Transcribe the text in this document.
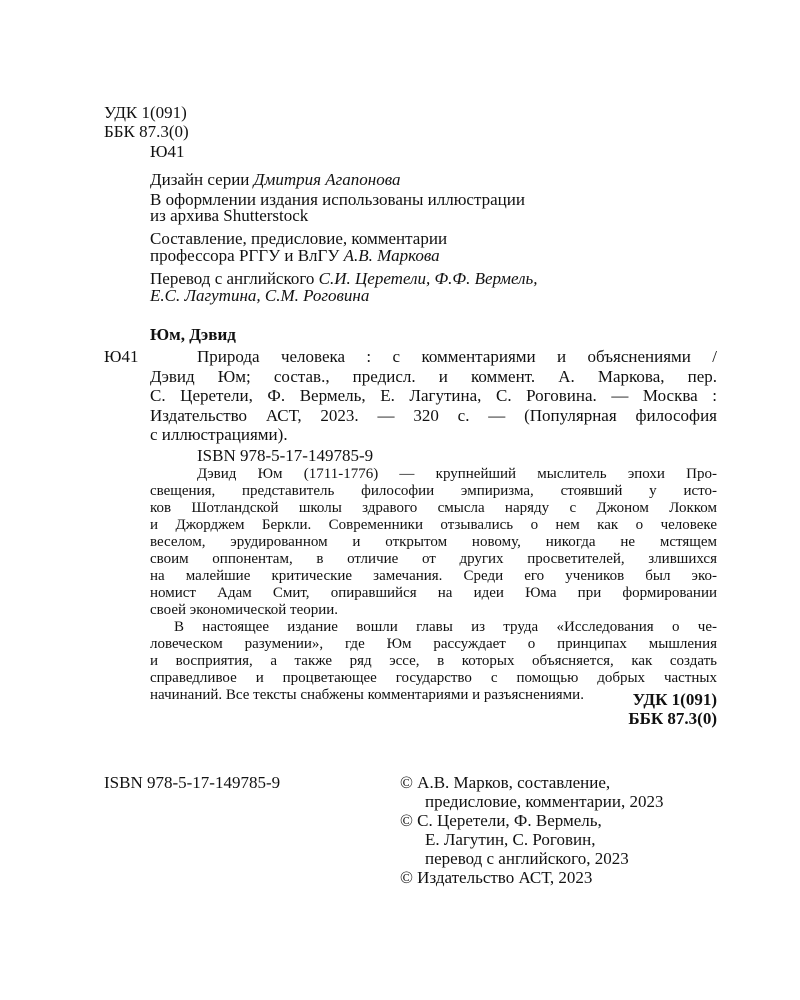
УДК 1(091)
ББК 87.3(0)
Ю41
Дизайн серии Дмитрия Агапонова
В оформлении издания использованы иллюстрации
из архива Shutterstock
Составление, предисловие, комментарии
профессора РГГУ и ВлГУ А.В. Маркова
Перевод с английского С.И. Церетели, Ф.Ф. Вермель,
Е.С. Лагутина, С.М. Роговина
Юм, Дэвид
Ю41	Природа человека : с комментариями и объяснениями /
Дэвид Юм; состав., предисл. и коммент. А. Маркова, пер.
С. Церетели, Ф. Вермель, Е. Лагутина, С. Роговина. — Москва :
Издательство АСТ, 2023. — 320 с. — (Популярная философия
с иллюстрациями).
ISBN 978-5-17-149785-9
Дэвид Юм (1711-1776) — крупнейший мыслитель эпохи Про-
свещения, представитель философии эмпиризма, стоявший у исто-
ков Шотландской школы здравого смысла наряду с Джоном Локком
и Джорджем Беркли. Современники отзывались о нем как о человеке
веселом, эрудированном и открытом новому, никогда не мстящем
своим оппонентам, в отличие от других просветителей, злившихся
на малейшие критические замечания. Среди его учеников был эко-
номист Адам Смит, опиравшийся на идеи Юма при формировании
своей экономической теории.
В настоящее издание вошли главы из труда «Исследования о че-
ловеческом разумении», где Юм рассуждает о принципах мышления
и восприятия, а также ряд эссе, в которых объясняется, как создать
справедливое и процветающее государство с помощью добрых частных
начинаний. Все тексты снабжены комментариями и разъяснениями.	УДК 1(091)
ББК 87.3(0)
ISBN 978-5-17-149785-9	© А.В. Марков, составление,
предисловие, комментарии, 2023
© С. Церетели, Ф. Вермель,
Е. Лагутин, С. Роговин,
перевод с английского, 2023
© Издательство АСТ, 2023
